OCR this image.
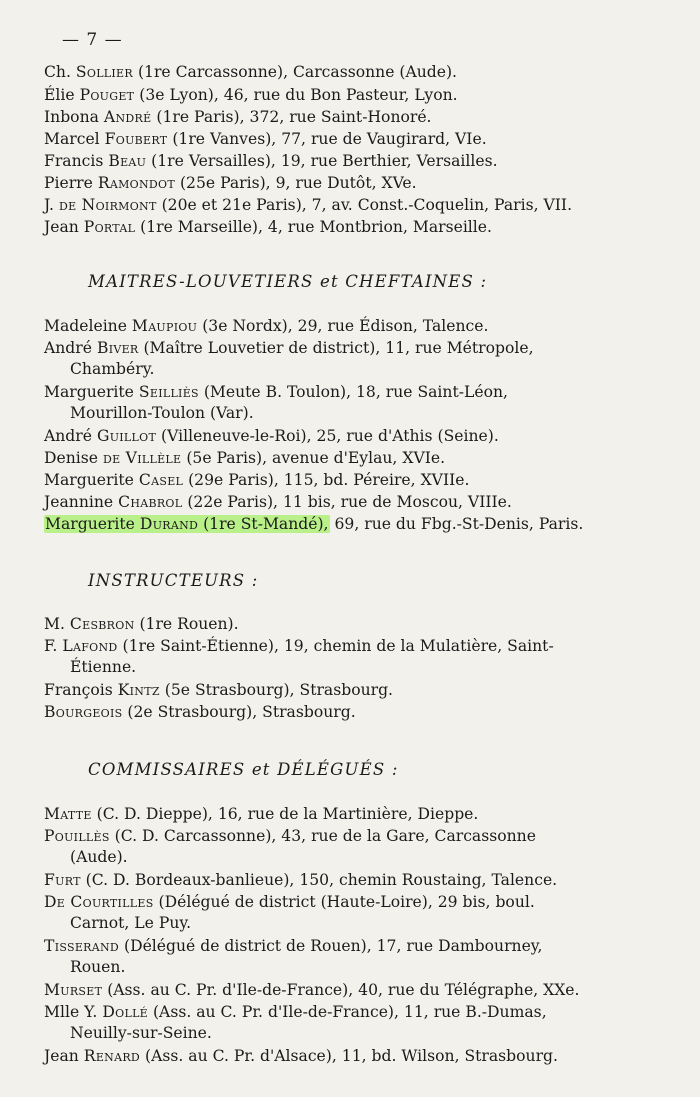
— 7 —
Ch. Sollier (1re Carcassonne), Carcassonne (Aude).
Élie Pouget (3e Lyon), 46, rue du Bon Pasteur, Lyon.
Inbona André (1re Paris), 372, rue Saint-Honoré.
Marcel Foubert (1re Vanves), 77, rue de Vaugirard, VIe.
Francis Beau (1re Versailles), 19, rue Berthier, Versailles.
Pierre Ramondot (25e Paris), 9, rue Dutôt, XVe.
J. de Noirmont (20e et 21e Paris), 7, av. Const.-Coquelin, Paris, VII.
Jean Portal (1re Marseille), 4, rue Montbrion, Marseille.
Madeleine Maupiou (3e Nordx), 29, rue Édison, Talence.
André Biver (Maître Louvetier de district), 11, rue Métropole,
Chambéry.
Marguerite Seilliès (Meute B. Toulon), 18, rue Saint-Léon,
Mourillon-Toulon (Var).
André Guillot (Villeneuve-le-Roi), 25, rue d'Athis (Seine).
Denise de Villèle (5e Paris), avenue d'Eylau, XVIe.
Marguerite Casel (29e Paris), 115, bd. Péreire, XVIIe.
Jeannine Chabrol (22e Paris), 11 bis, rue de Moscou, VIIIe.
M. Cesbron (1re Rouen).
F. Lafond (1re Saint-Étienne), 19, chemin de la Mulatière, Saint-
Étienne.
François Kintz (5e Strasbourg), Strasbourg.
Bourgeois (2e Strasbourg), Strasbourg.
Matte (C. D. Dieppe), 16, rue de la Martinière, Dieppe.
Pouillès (C. D. Carcassonne), 43, rue de la Gare, Carcassonne
(Aude).
Furt (C. D. Bordeaux-banlieue), 150, chemin Roustaing, Talence.
De Courtilles (Délégué de district (Haute-Loire), 29 bis, boul.
Carnot, Le Puy.
Tisserand (Délégué de district de Rouen), 17, rue Dambourney,
Rouen.
Murset (Ass. au C. Pr. d'Ile-de-France), 40, rue du Télégraphe, XXe.
Mlle Y. Dollé (Ass. au C. Pr. d'Ile-de-France), 11, rue B.-Dumas,
Neuilly-sur-Seine.
Jean Renard (Ass. au C. Pr. d'Alsace), 11, bd. Wilson, Strasbourg.
Marguerite Durand (1re St-Mandé), 69, rue du Fbg.-St-Denis, Paris.
MAITRES-LOUVETIERS et CHEFTAINES :
INSTRUCTEURS :
COMMISSAIRES et DÉLÉGUÉS :
